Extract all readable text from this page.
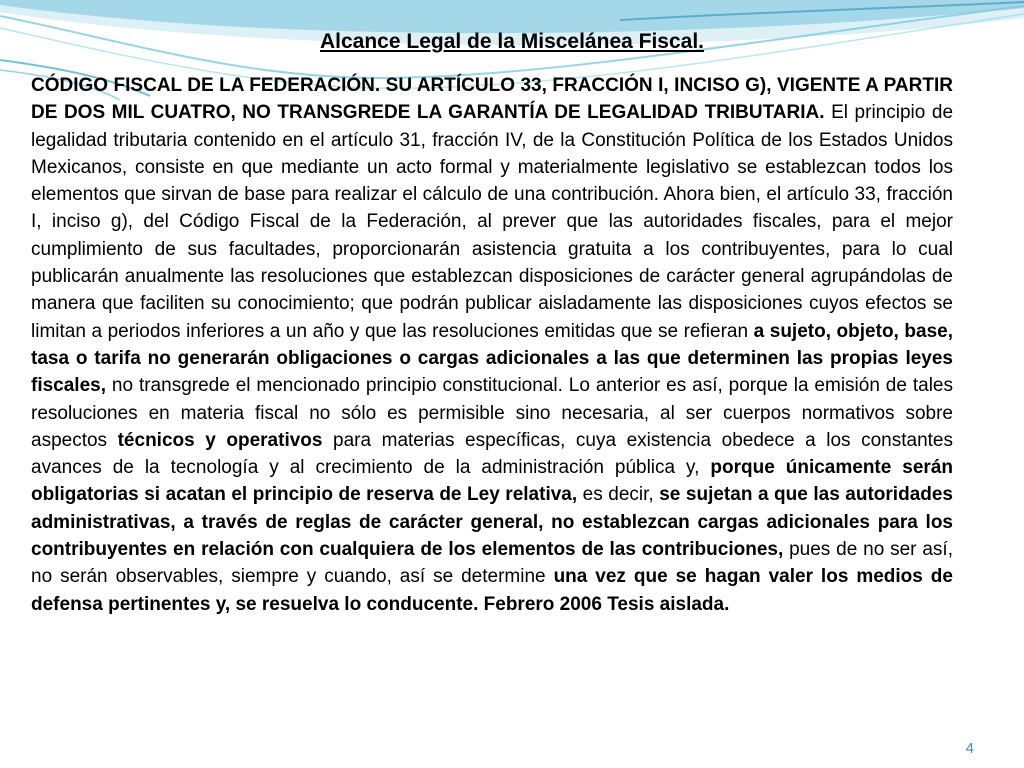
Alcance Legal de la Miscelánea Fiscal.

CÓDIGO FISCAL DE LA FEDERACIÓN. SU ARTÍCULO 33, FRACCIÓN I, INCISO G), VIGENTE A PARTIR DE DOS MIL CUATRO, NO TRANSGREDE LA GARANTÍA DE LEGALIDAD TRIBUTARIA. El principio de legalidad tributaria contenido en el artículo 31, fracción IV, de la Constitución Política de los Estados Unidos Mexicanos, consiste en que mediante un acto formal y materialmente legislativo se establezcan todos los elementos que sirvan de base para realizar el cálculo de una contribución. Ahora bien, el artículo 33, fracción I, inciso g), del Código Fiscal de la Federación, al prever que las autoridades fiscales, para el mejor cumplimiento de sus facultades, proporcionarán asistencia gratuita a los contribuyentes, para lo cual publicarán anualmente las resoluciones que establezcan disposiciones de carácter general agrupándolas de manera que faciliten su conocimiento; que podrán publicar aisladamente las disposiciones cuyos efectos se limitan a periodos inferiores a un año y que las resoluciones emitidas que se refieran a sujeto, objeto, base, tasa o tarifa no generarán obligaciones o cargas adicionales a las que determinen las propias leyes fiscales, no transgrede el mencionado principio constitucional. Lo anterior es así, porque la emisión de tales resoluciones en materia fiscal no sólo es permisible sino necesaria, al ser cuerpos normativos sobre aspectos técnicos y operativos para materias específicas, cuya existencia obedece a los constantes avances de la tecnología y al crecimiento de la administración pública y, porque únicamente serán obligatorias si acatan el principio de reserva de Ley relativa, es decir, se sujetan a que las autoridades administrativas, a través de reglas de carácter general, no establezcan cargas adicionales para los contribuyentes en relación con cualquiera de los elementos de las contribuciones, pues de no ser así, no serán observables, siempre y cuando, así se determine una vez que se hagan valer los medios de defensa pertinentes y, se resuelva lo conducente. Febrero 2006 Tesis aislada.

4
